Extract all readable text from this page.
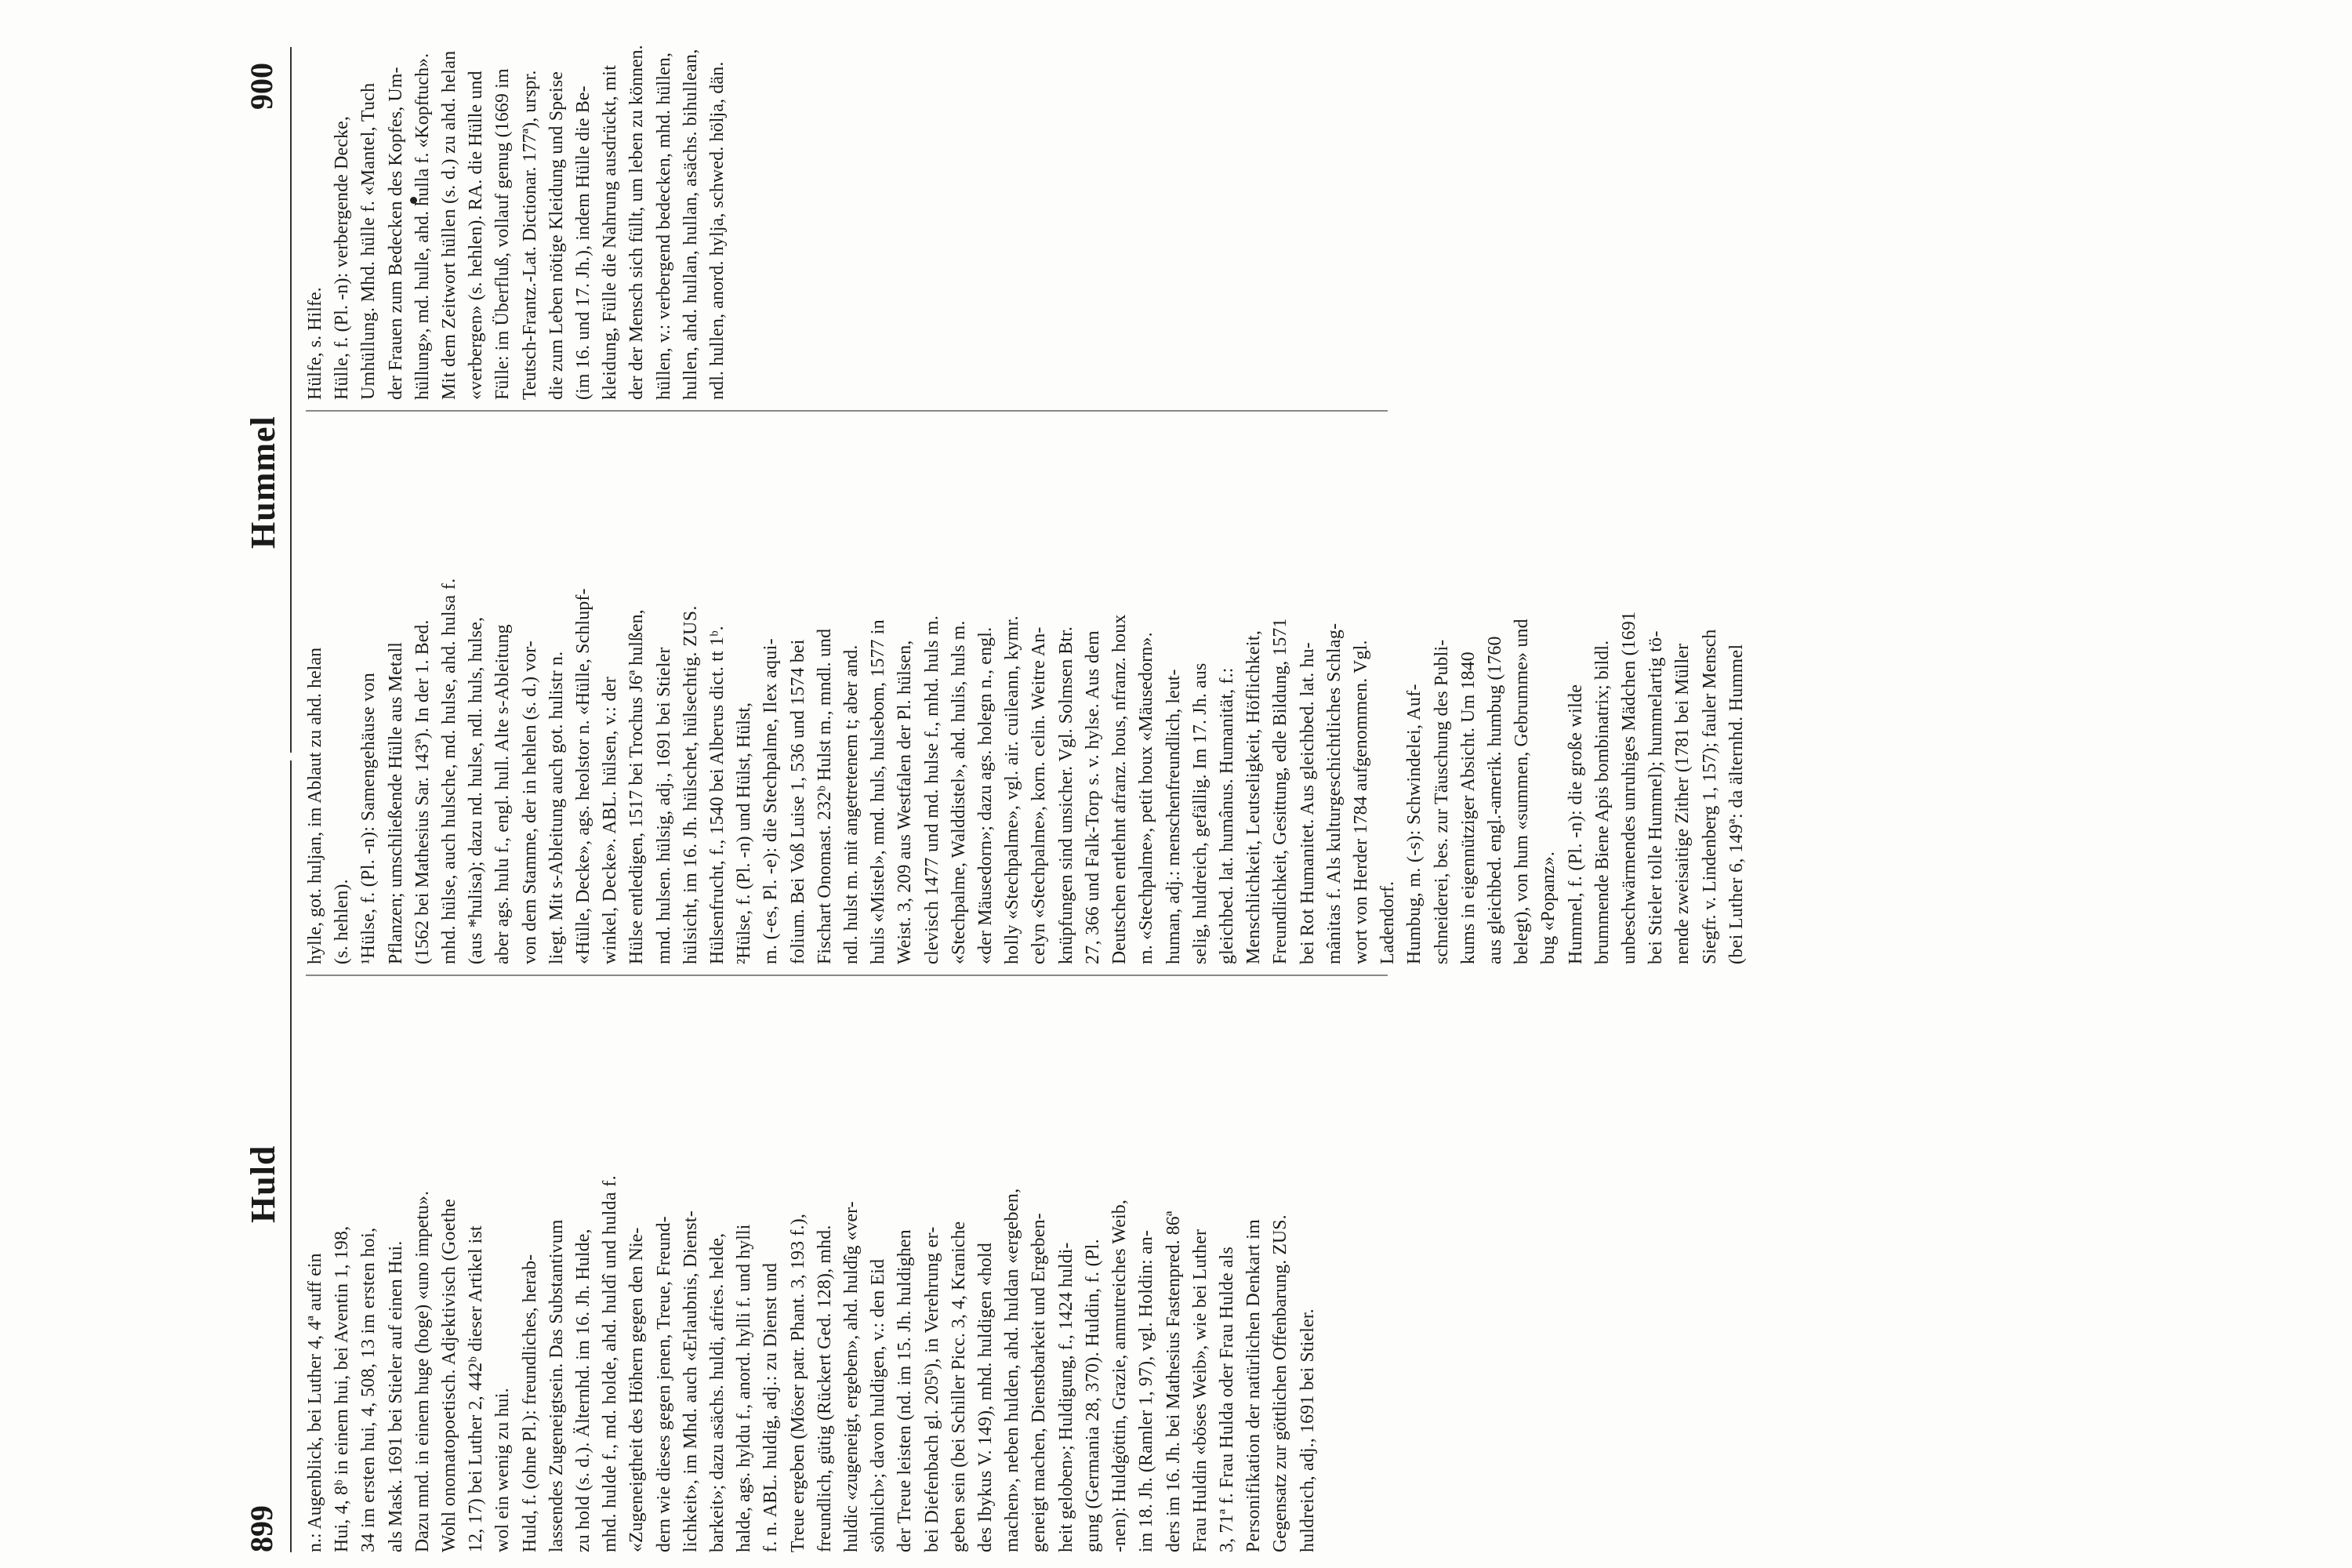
899
Huld
Hummel
900
n.: Augenblick, bei Luther 4, 4ª auff ein Hui, 4, 8ᵇ in einem hui, bei Aventin 1, 198, 34 im ersten hui, 4, 508, 13 im ersten hoi, als Mask. 1691 bei Stieler auf einen Hui. Dazu mnd. in einem huge (hoge) «uno impetu». Wohl onomatopoetisch. Adjektivisch (Goethe 12, 17) bei Luther 2, 442ᵇ dieser Artikel ist wol ein wenig zu hui. Huld, f. (ohne Pl.): freundliches, herab- lassendes Zugeneigtsein. Das Substantivum zu hold (s. d.). Älternhd. im 16. Jh. Hulde, mhd. hulde f., md. holde, ahd. huldî und hulda f. «Zugeneigtheit des Höhern gegen den Nie- dern wie dieses gegen jenen, Treue, Freund- lichkeit», im Mhd. auch «Erlaubnis, Dienst- barkeit»; dazu asächs. huldi, afries. helde, halde, ags. hyldu f., anord. hylli f. und hylli f. n. ABL. huldig, adj.: zu Dienst und Treue ergeben (Möser patr. Phant. 3, 193 f.), freundlich, gütig (Rückert Ged. 128), mhd. huldic «zugeneigt, ergeben», ahd. huldîg «ver- söhnlich»; davon huldigen, v.: den Eid der Treue leisten (nd. im 15. Jh. huldighen bei Diefenbach gl. 205ᵇ), in Verehrung er- geben sein (bei Schiller Picc. 3, 4, Kraniche des Ibykus V. 149), mhd. huldigen «hold machen», neben hulden, ahd. huldan «ergeben, geneigt machen, Dienstbarkeit und Ergeben- heit geloben»; Huldigung, f., 1424 huldi- gung (Germania 28, 370). Huldin, f. (Pl. -nen): Huldgöttin, Grazie, anmutreiches Weib, im 18. Jh. (Ramler 1, 97), vgl. Holdin: an- ders im 16. Jh. bei Mathesius Fastenpred. 86ª Frau Huldin «böses Weib», wie bei Luther 3, 71ª f. Frau Hulda oder Frau Hulde als Personifikation der natürlichen Denkart im Gegensatz zur göttlichen Offenbarung. ZUS. huldreich, adj., 1691 bei Stieler.
hylle, got. huljan, im Ablaut zu ahd. helan (s. hehlen). ¹Hülse, f. (Pl. -n): Samengehäuse von Pflanzen; umschließende Hülle aus Metall (1562 bei Mathesius Sar. 143ª). In der 1. Bed. mhd. hülse, auch hulsche, md. hulse, ahd. hulsa f. (aus *hulisa); dazu nd. hulse, ndl. huls, hulse, aber ags. hulu f., engl. hull. Alte s-Ableitung von dem Stamme, der in hehlen (s. d.) vor- liegt. Mit s-Ableitung auch got. hulistr n. «Hülle, Decke», ags. heolstor n. «Hülle, Schlupf- winkel, Decke». ABL. hülsen, v.: der Hülse entledigen, 1517 bei Trochus J6ª hulßen, mnd. hulsen. hülsig, adj., 1691 bei Stieler hülsicht, im 16. Jh. hülschet, hülsechtig. ZUS. Hülsenfrucht, f., 1540 bei Alberus dict. tt 1ᵇ. ²Hülse, f. (Pl. -n) und Hülst, Hülst, m. (-es, Pl. -e): die Stechpalme, Ilex aqui- folium. Bei Voß Luise 1, 536 und 1574 bei Fischart Onomast. 232ᵇ Hulst m., mndl. und ndl. hulst m. mit angetretenem t; aber and. hulis «Mistel», mnd. huls, hulsebom, 1577 in Weist. 3, 209 aus Westfalen der Pl. hülsen, clevisch 1477 und md. hulse f., mhd. huls m. «Stechpalme, Walddistel», ahd. hulis, huls m. «der Mäusedorn»; dazu ags. holegn n., engl. holly «Stechpalme», vgl. air. cuileann, kymr. celyn «Stechpalme», korn. celin. Weitre An- knüpfungen sind unsicher. Vgl. Solmsen Btr. 27, 366 und Falk-Torp s. v. hylse. Aus dem Deutschen entlehnt afranz. hous, nfranz. houx m. «Stechpalme», petit houx «Mäusedorn». human, adj.: menschenfreundlich, leut- selig, huldreich, gefällig. Im 17. Jh. aus gleichbed. lat. humânus. Humanität, f.: Menschlichkeit, Leutseligkeit, Höflichkeit, Freundlichkeit, Gesittung, edle Bildung, 1571 bei Rot Humanitet. Aus gleichbed. lat. hu- mânitas f. Als kulturgeschichtliches Schlag- wort von Herder 1784 aufgenommen. Vgl. Ladendorf. Humbug, m. (-s): Schwindelei, Auf- schneiderei, bes. zur Täuschung des Publi- kums in eigennütziger Absicht. Um 1840 aus gleichbed. engl.-amerik. humbug (1760 belegt), von hum «summen, Gebrumme» und bug «Popanz». Hummel, f. (Pl. -n): die große wilde brummende Biene Apis bombinatrix; bildl. unbeschwärmendes unruhiges Mädchen (1691 bei Stieler tolle Hummel); hummelartig tö- nende zweisaitige Zither (1781 bei Müller Siegfr. v. Lindenberg 1, 157); fauler Mensch (bei Luther 6, 149ª: da älternhd. Hummel
Hülfe, s. Hilfe. Hülle, f. (Pl. -n): verbergende Decke, Umhüllung. Mhd. hülle f. «Mantel, Tuch der Frauen zum Bedecken des Kopfes, Um- hüllung», md. hulle, ahd. hulla f. «Kopftuch». Mit dem Zeitwort hüllen (s. d.) zu ahd. helan «verbergen» (s. hehlen). RA. die Hülle und Fülle: im Überfluß, vollauf genug (1669 im Teutsch-Frantz.-Lat. Dictionar. 177ª), urspr. die zum Leben nötige Kleidung und Speise (im 16. und 17. Jh.), indem Hülle die Be- kleidung, Fülle die Nahrung ausdrückt, mit der der Mensch sich füllt, um leben zu können. hüllen, v.: verbergend bedecken, mhd. hüllen, hullen, ahd. hullan, hullan, asächs. bihullean, ndl. hullen, anord. hylja, schwed. hölja, dän.
